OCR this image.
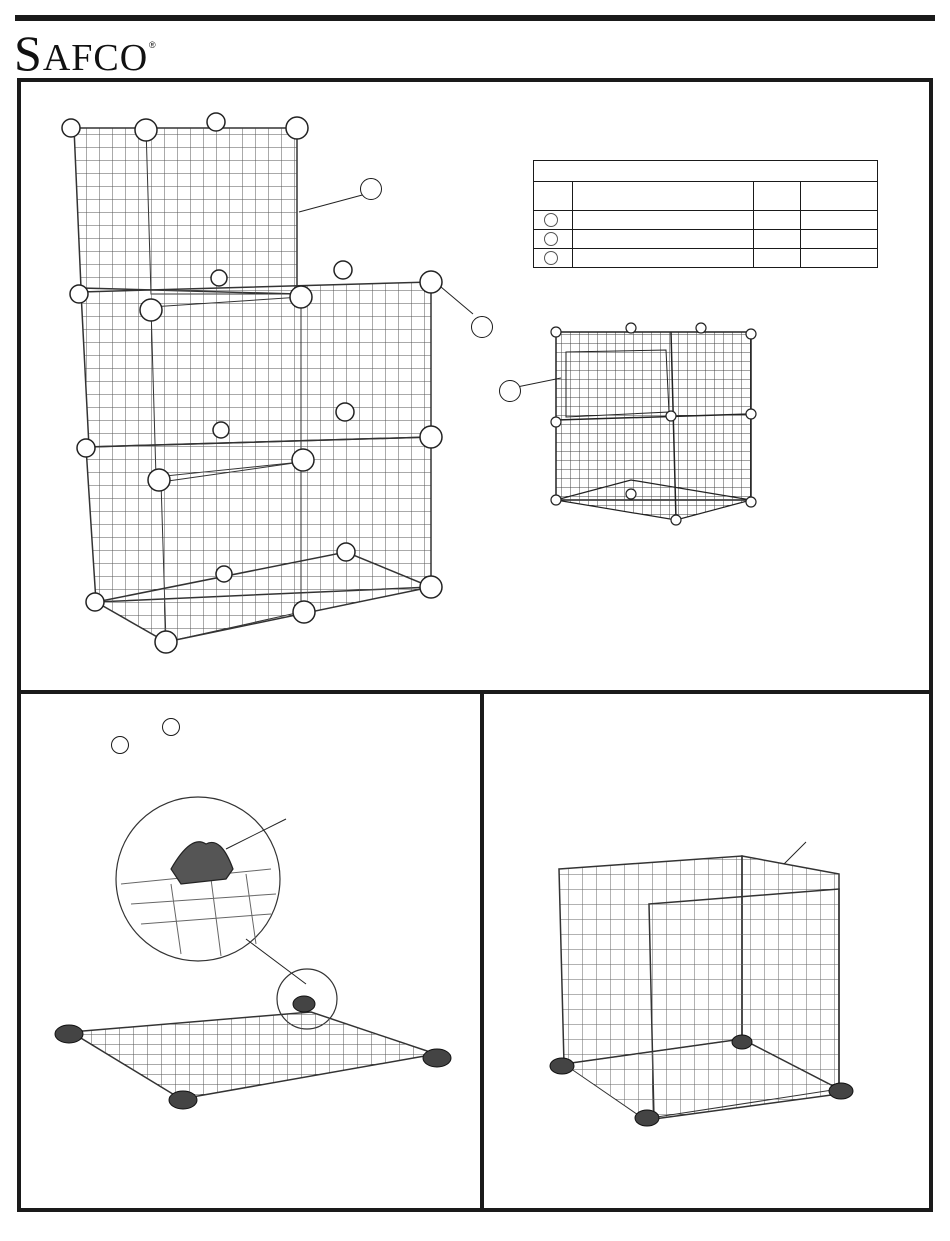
SAFCO ®
